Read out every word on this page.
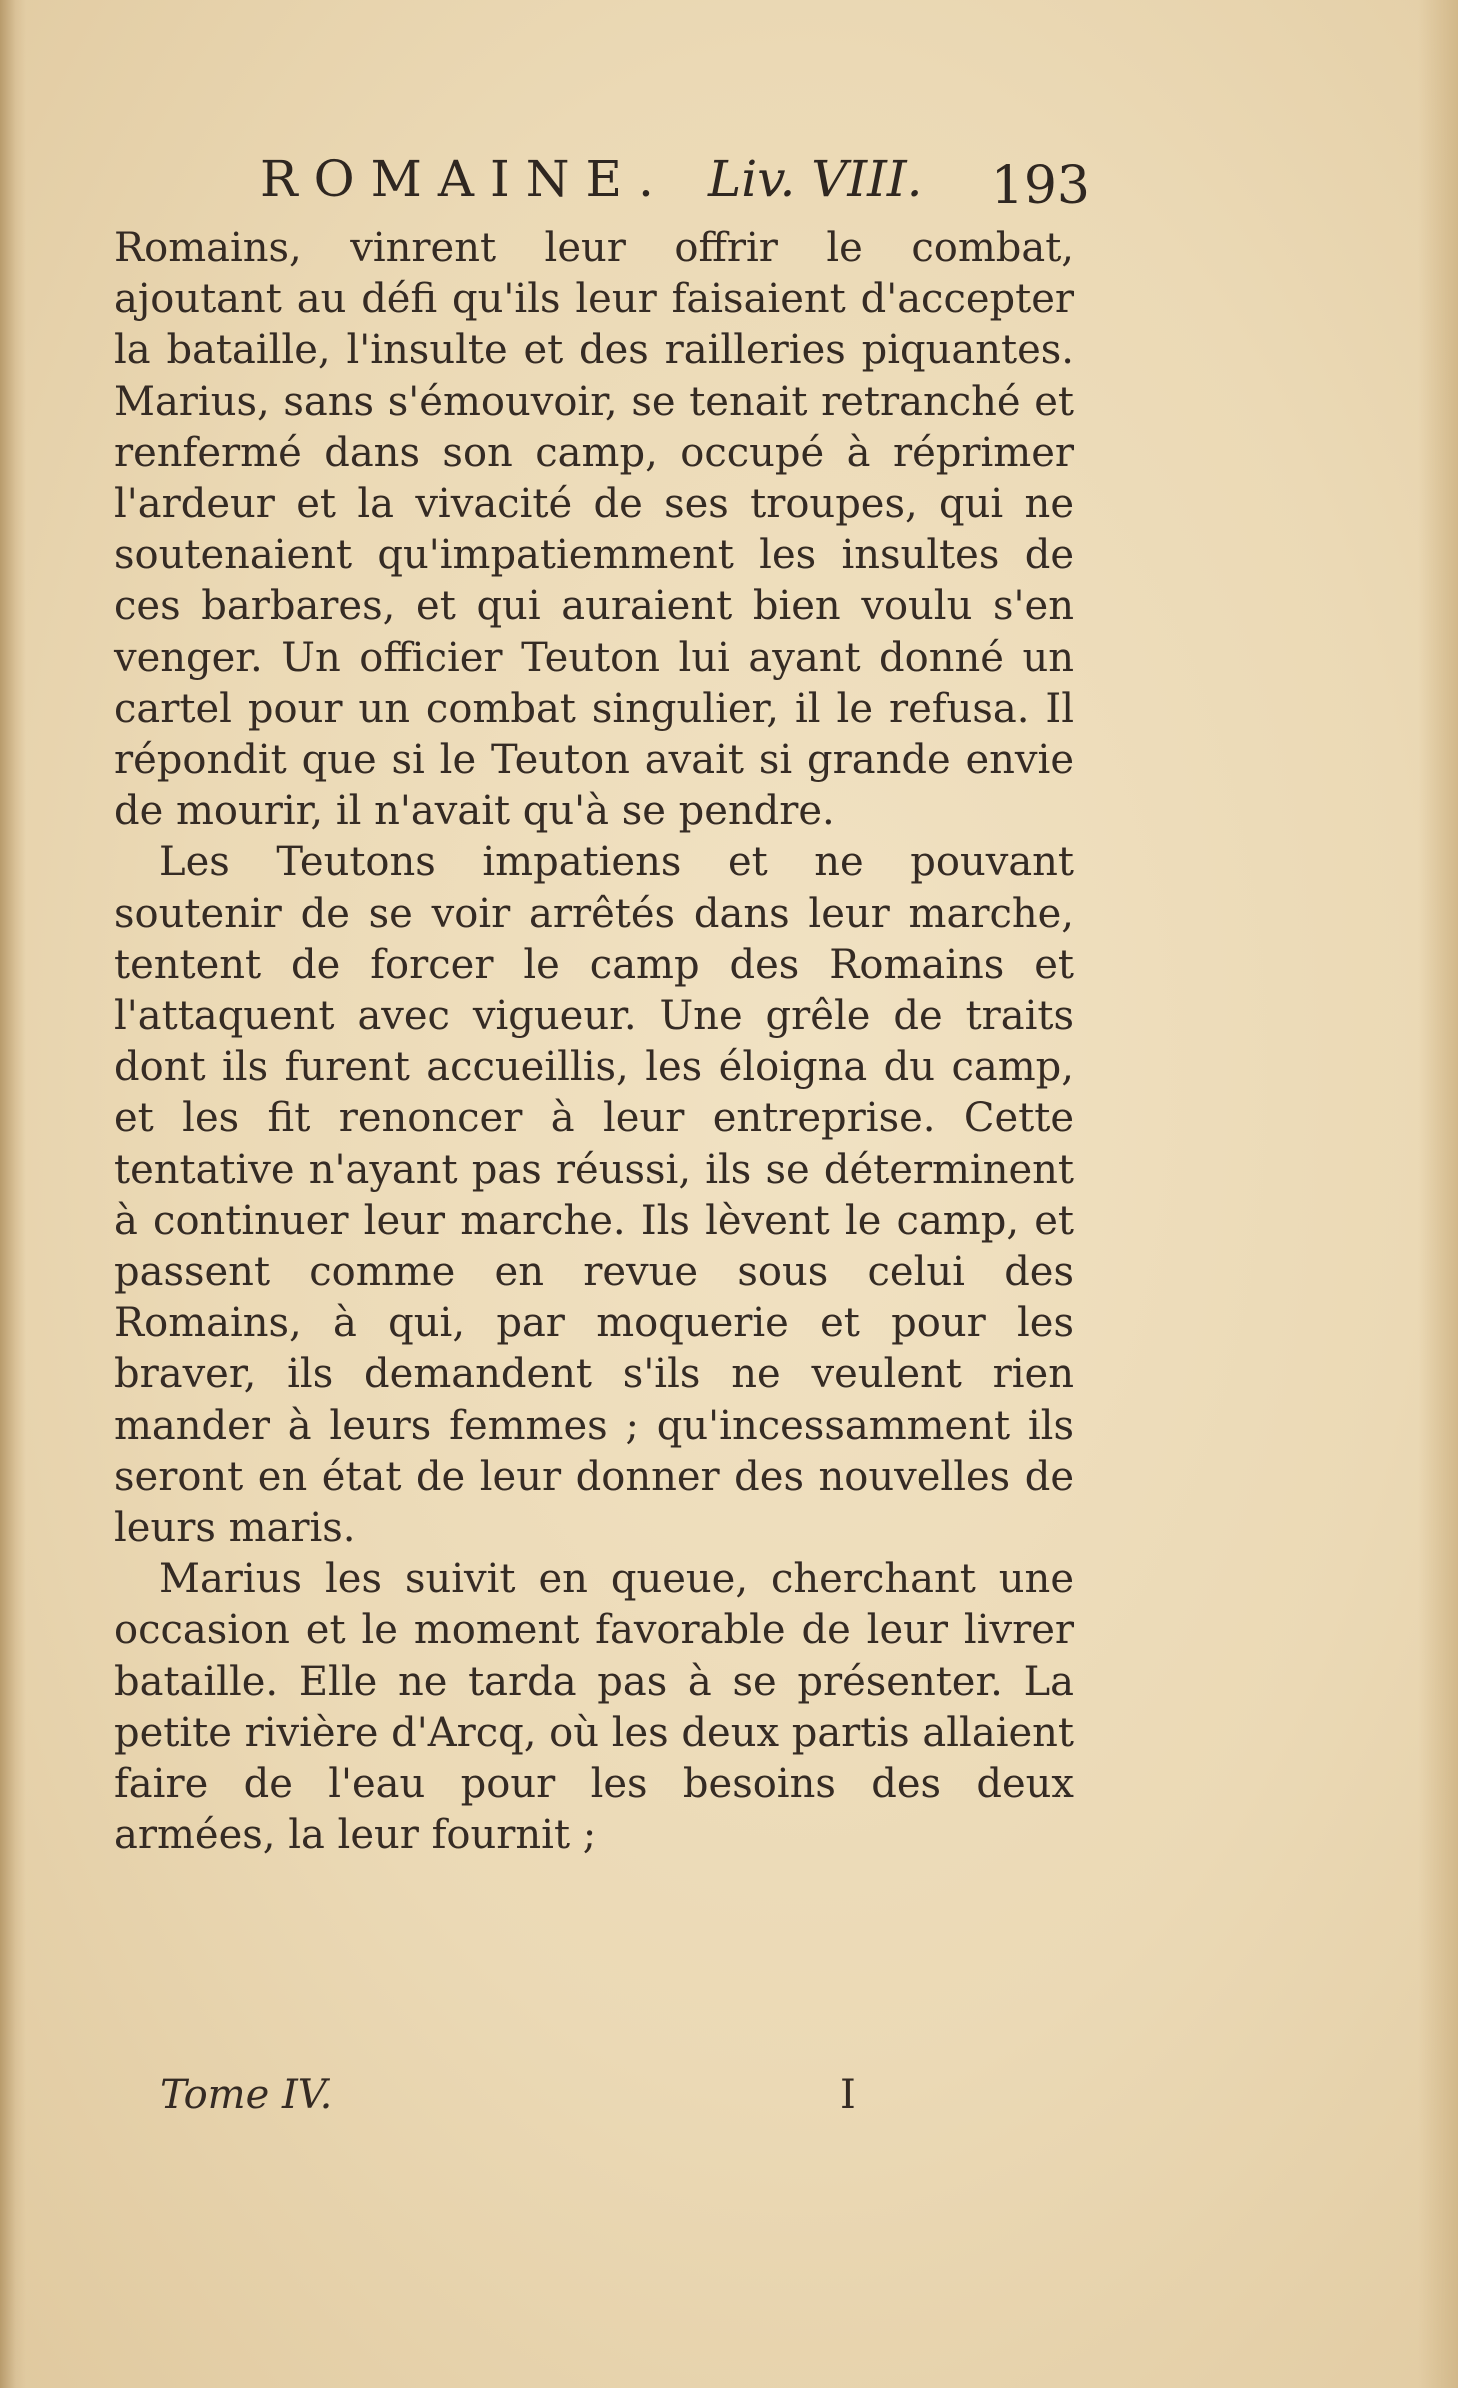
ROMAINE. Liv. VIII. 193

Romains, vinrent leur offrir le combat, ajoutant au défi qu'ils leur faisaient d'accepter la bataille, l'insulte et des railleries piquantes. Marius, sans s'émouvoir, se tenait retranché et renfermé dans son camp, occupé à réprimer l'ardeur et la vivacité de ses troupes, qui ne soutenaient qu'impatiemment les insultes de ces barbares, et qui auraient bien voulu s'en venger. Un officier Teuton lui ayant donné un cartel pour un combat singulier, il le refusa. Il répondit que si le Teuton avait si grande envie de mourir, il n'avait qu'à se pendre.

Les Teutons impatiens et ne pouvant soutenir de se voir arrêtés dans leur marche, tentent de forcer le camp des Romains et l'attaquent avec vigueur. Une grêle de traits dont ils furent accueillis, les éloigna du camp, et les fit renoncer à leur entreprise. Cette tentative n'ayant pas réussi, ils se déterminent à continuer leur marche. Ils lèvent le camp, et passent comme en revue sous celui des Romains, à qui, par moquerie et pour les braver, ils demandent s'ils ne veulent rien mander à leurs femmes ; qu'incessamment ils seront en état de leur donner des nouvelles de leurs maris.

Marius les suivit en queue, cherchant une occasion et le moment favorable de leur livrer bataille. Elle ne tarda pas à se présenter. La petite rivière d'Arcq, où les deux partis allaient faire de l'eau pour les besoins des deux armées, la leur fournit ;

Tome IV.	I
